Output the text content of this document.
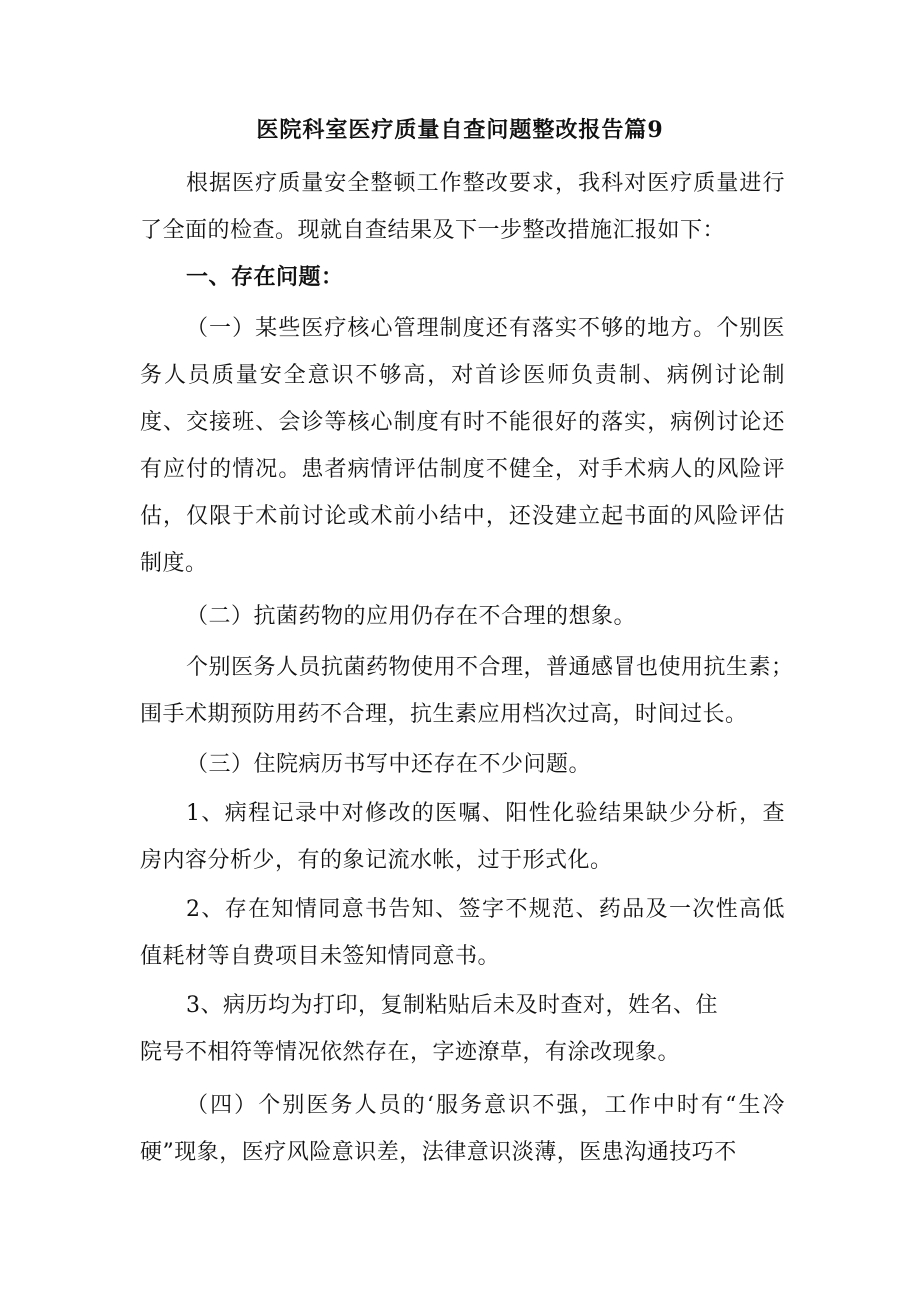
医院科室医疗质量自查问题整改报告篇9

根据医疗质量安全整顿工作整改要求，我科对医疗质量进行了全面的检查。现就自查结果及下一步整改措施汇报如下：

一、存在问题：

（一）某些医疗核心管理制度还有落实不够的地方。个别医务人员质量安全意识不够高，对首诊医师负责制、病例讨论制度、交接班、会诊等核心制度有时不能很好的落实，病例讨论还有应付的情况。患者病情评估制度不健全，对手术病人的风险评估，仅限于术前讨论或术前小结中，还没建立起书面的风险评估制度。

（二）抗菌药物的应用仍存在不合理的想象。

个别医务人员抗菌药物使用不合理，普通感冒也使用抗生素；

围手术期预防用药不合理，抗生素应用档次过高，时间过长。

（三）住院病历书写中还存在不少问题。

1、病程记录中对修改的医嘱、阳性化验结果缺少分析，查房内容分析少，有的象记流水帐，过于形式化。

2、存在知情同意书告知、签字不规范、药品及一次性高低值耗材等自费项目未签知情同意书。

3、病历均为打印，复制粘贴后未及时查对，姓名、住

院号不相符等情况依然存在，字迹潦草，有涂改现象。

（四）个别医务人员的‘服务意识不强，工作中时有“生冷硬”现象，医疗风险意识差，法律意识淡薄，医患沟通技巧不
